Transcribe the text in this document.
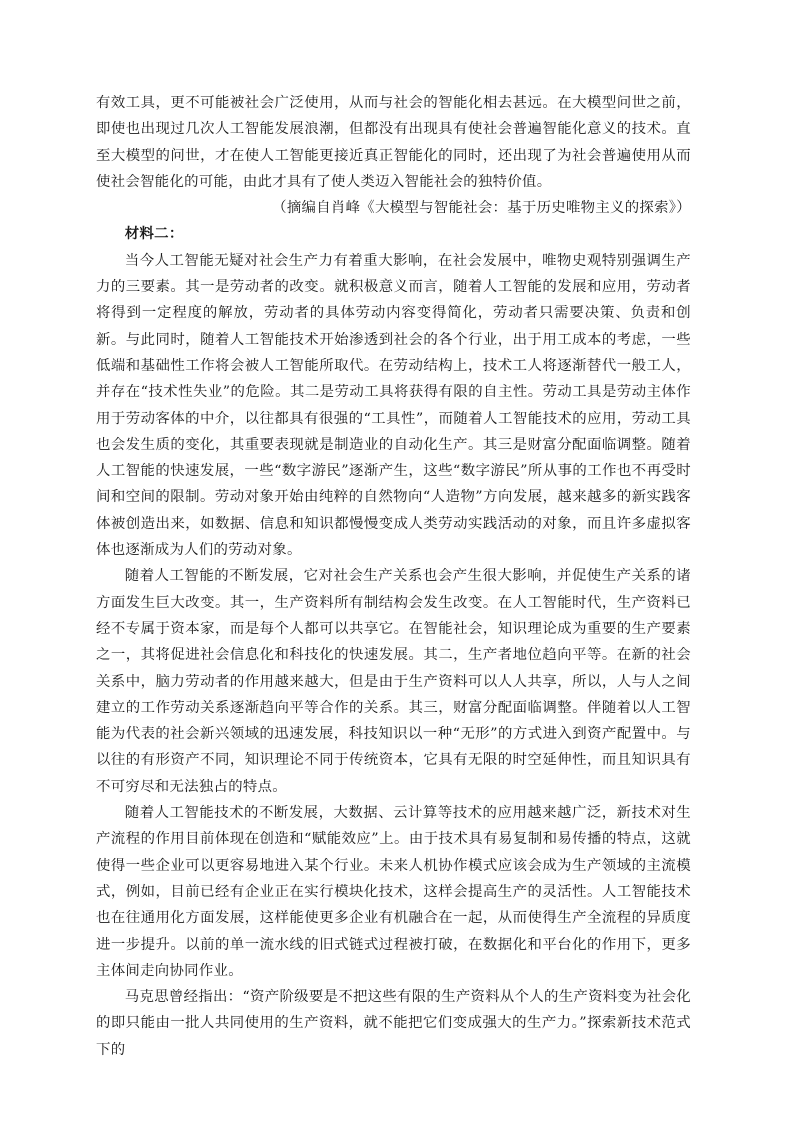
有效工具，更不可能被社会广泛使用，从而与社会的智能化相去甚远。在大模型问世之前，即使也出现过几次人工智能发展浪潮，但都没有出现具有使社会普遍智能化意义的技术。直至大模型的问世，才在使人工智能更接近真正智能化的同时，还出现了为社会普遍使用从而使社会智能化的可能，由此才具有了使人类迈入智能社会的独特价值。

（摘编自肖峰《大模型与智能社会：基于历史唯物主义的探索》）

材料二：

当今人工智能无疑对社会生产力有着重大影响，在社会发展中，唯物史观特别强调生产力的三要素。其一是劳动者的改变。就积极意义而言，随着人工智能的发展和应用，劳动者将得到一定程度的解放，劳动者的具体劳动内容变得简化，劳动者只需要决策、负责和创新。与此同时，随着人工智能技术开始渗透到社会的各个行业，出于用工成本的考虑，一些低端和基础性工作将会被人工智能所取代。在劳动结构上，技术工人将逐渐替代一般工人，并存在“技术性失业”的危险。其二是劳动工具将获得有限的自主性。劳动工具是劳动主体作用于劳动客体的中介，以往都具有很强的“工具性”，而随着人工智能技术的应用，劳动工具也会发生质的变化，其重要表现就是制造业的自动化生产。其三是财富分配面临调整。随着人工智能的快速发展，一些“数字游民”逐渐产生，这些“数字游民”所从事的工作也不再受时间和空间的限制。劳动对象开始由纯粹的自然物向“人造物”方向发展，越来越多的新实践客体被创造出来，如数据、信息和知识都慢慢变成人类劳动实践活动的对象，而且许多虚拟客体也逐渐成为人们的劳动对象。

随着人工智能的不断发展，它对社会生产关系也会产生很大影响，并促使生产关系的诸方面发生巨大改变。其一，生产资料所有制结构会发生改变。在人工智能时代，生产资料已经不专属于资本家，而是每个人都可以共享它。在智能社会，知识理论成为重要的生产要素之一，其将促进社会信息化和科技化的快速发展。其二，生产者地位趋向平等。在新的社会关系中，脑力劳动者的作用越来越大，但是由于生产资料可以人人共享，所以，人与人之间建立的工作劳动关系逐渐趋向平等合作的关系。其三，财富分配面临调整。伴随着以人工智能为代表的社会新兴领域的迅速发展，科技知识以一种“无形”的方式进入到资产配置中。与以往的有形资产不同，知识理论不同于传统资本，它具有无限的时空延伸性，而且知识具有不可穷尽和无法独占的特点。

随着人工智能技术的不断发展，大数据、云计算等技术的应用越来越广泛，新技术对生产流程的作用目前体现在创造和“赋能效应”上。由于技术具有易复制和易传播的特点，这就使得一些企业可以更容易地进入某个行业。未来人机协作模式应该会成为生产领域的主流模式，例如，目前已经有企业正在实行模块化技术，这样会提高生产的灵活性。人工智能技术也在往通用化方面发展，这样能使更多企业有机融合在一起，从而使得生产全流程的异质度进一步提升。以前的单一流水线的旧式链式过程被打破，在数据化和平台化的作用下，更多主体间走向协同作业。

马克思曾经指出：“资产阶级要是不把这些有限的生产资料从个人的生产资料变为社会化的即只能由一批人共同使用的生产资料，就不能把它们变成强大的生产力。”探索新技术范式下的
